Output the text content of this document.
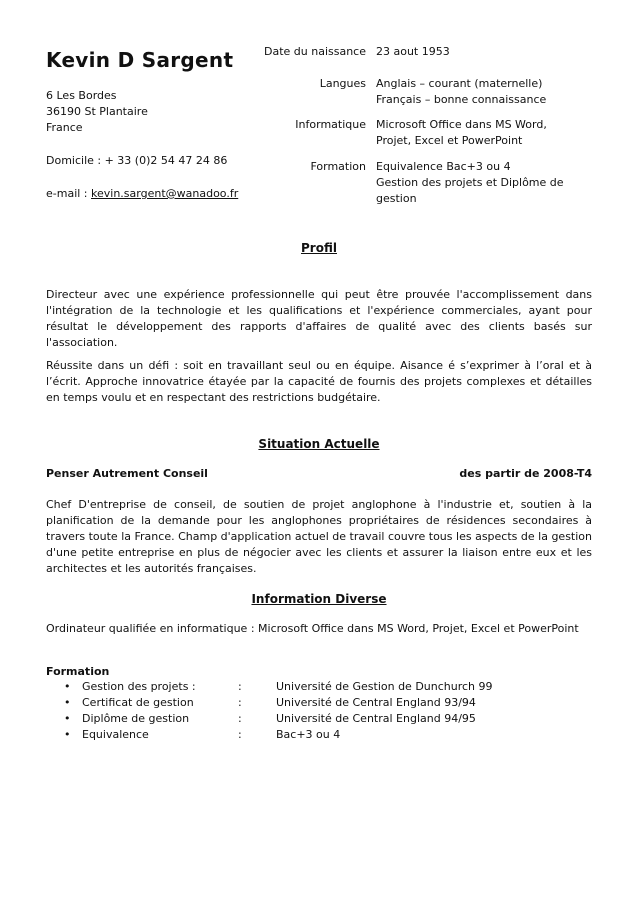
Kevin D Sargent
6 Les Bordes
36190 St Plantaire
France
Domicile : + 33 (0)2 54 47 24 86
e-mail : kevin.sargent@wanadoo.fr
Date du naissance 23 aout 1953
Langues Anglais – courant (maternelle)
Français – bonne connaissance
Informatique Microsoft Office dans MS Word,
Projet, Excel et PowerPoint
Formation Equivalence Bac+3 ou 4
Gestion des projets et Diplôme de
gestion
Profil
Directeur avec une expérience professionnelle qui peut être prouvée l'accomplissement dans l'intégration de la technologie et les qualifications et l'expérience commerciales, ayant pour résultat le développement des rapports d'affaires de qualité avec des clients basés sur l'association.
Réussite dans un défi : soit en travaillant seul ou en équipe. Aisance é s’exprimer à l’oral et à l’écrit. Approche innovatrice étayée par la capacité de fournis des projets complexes et détailles en temps voulu et en respectant des restrictions budgétaire.
Situation Actuelle
Penser Autrement Conseil	des partir de 2008-T4
Chef D'entreprise de conseil, de soutien de projet anglophone à l'industrie et, soutien à la planification de la demande pour les anglophones propriétaires de résidences secondaires à travers toute la France. Champ d'application actuel de travail couvre tous les aspects de la gestion d'une petite entreprise en plus de négocier avec les clients et assurer la liaison entre eux et les architectes et les autorités françaises.
Information Diverse
Ordinateur qualifiée en informatique : Microsoft Office dans MS Word, Projet, Excel et PowerPoint
Formation
•	Gestion des projets :	:	Université de Gestion de Dunchurch 99
•	Certificat de gestion	:	Université de Central England 93/94
•	Diplôme de gestion	:	Université de Central England 94/95
•	Equivalence	:	Bac+3 ou 4
